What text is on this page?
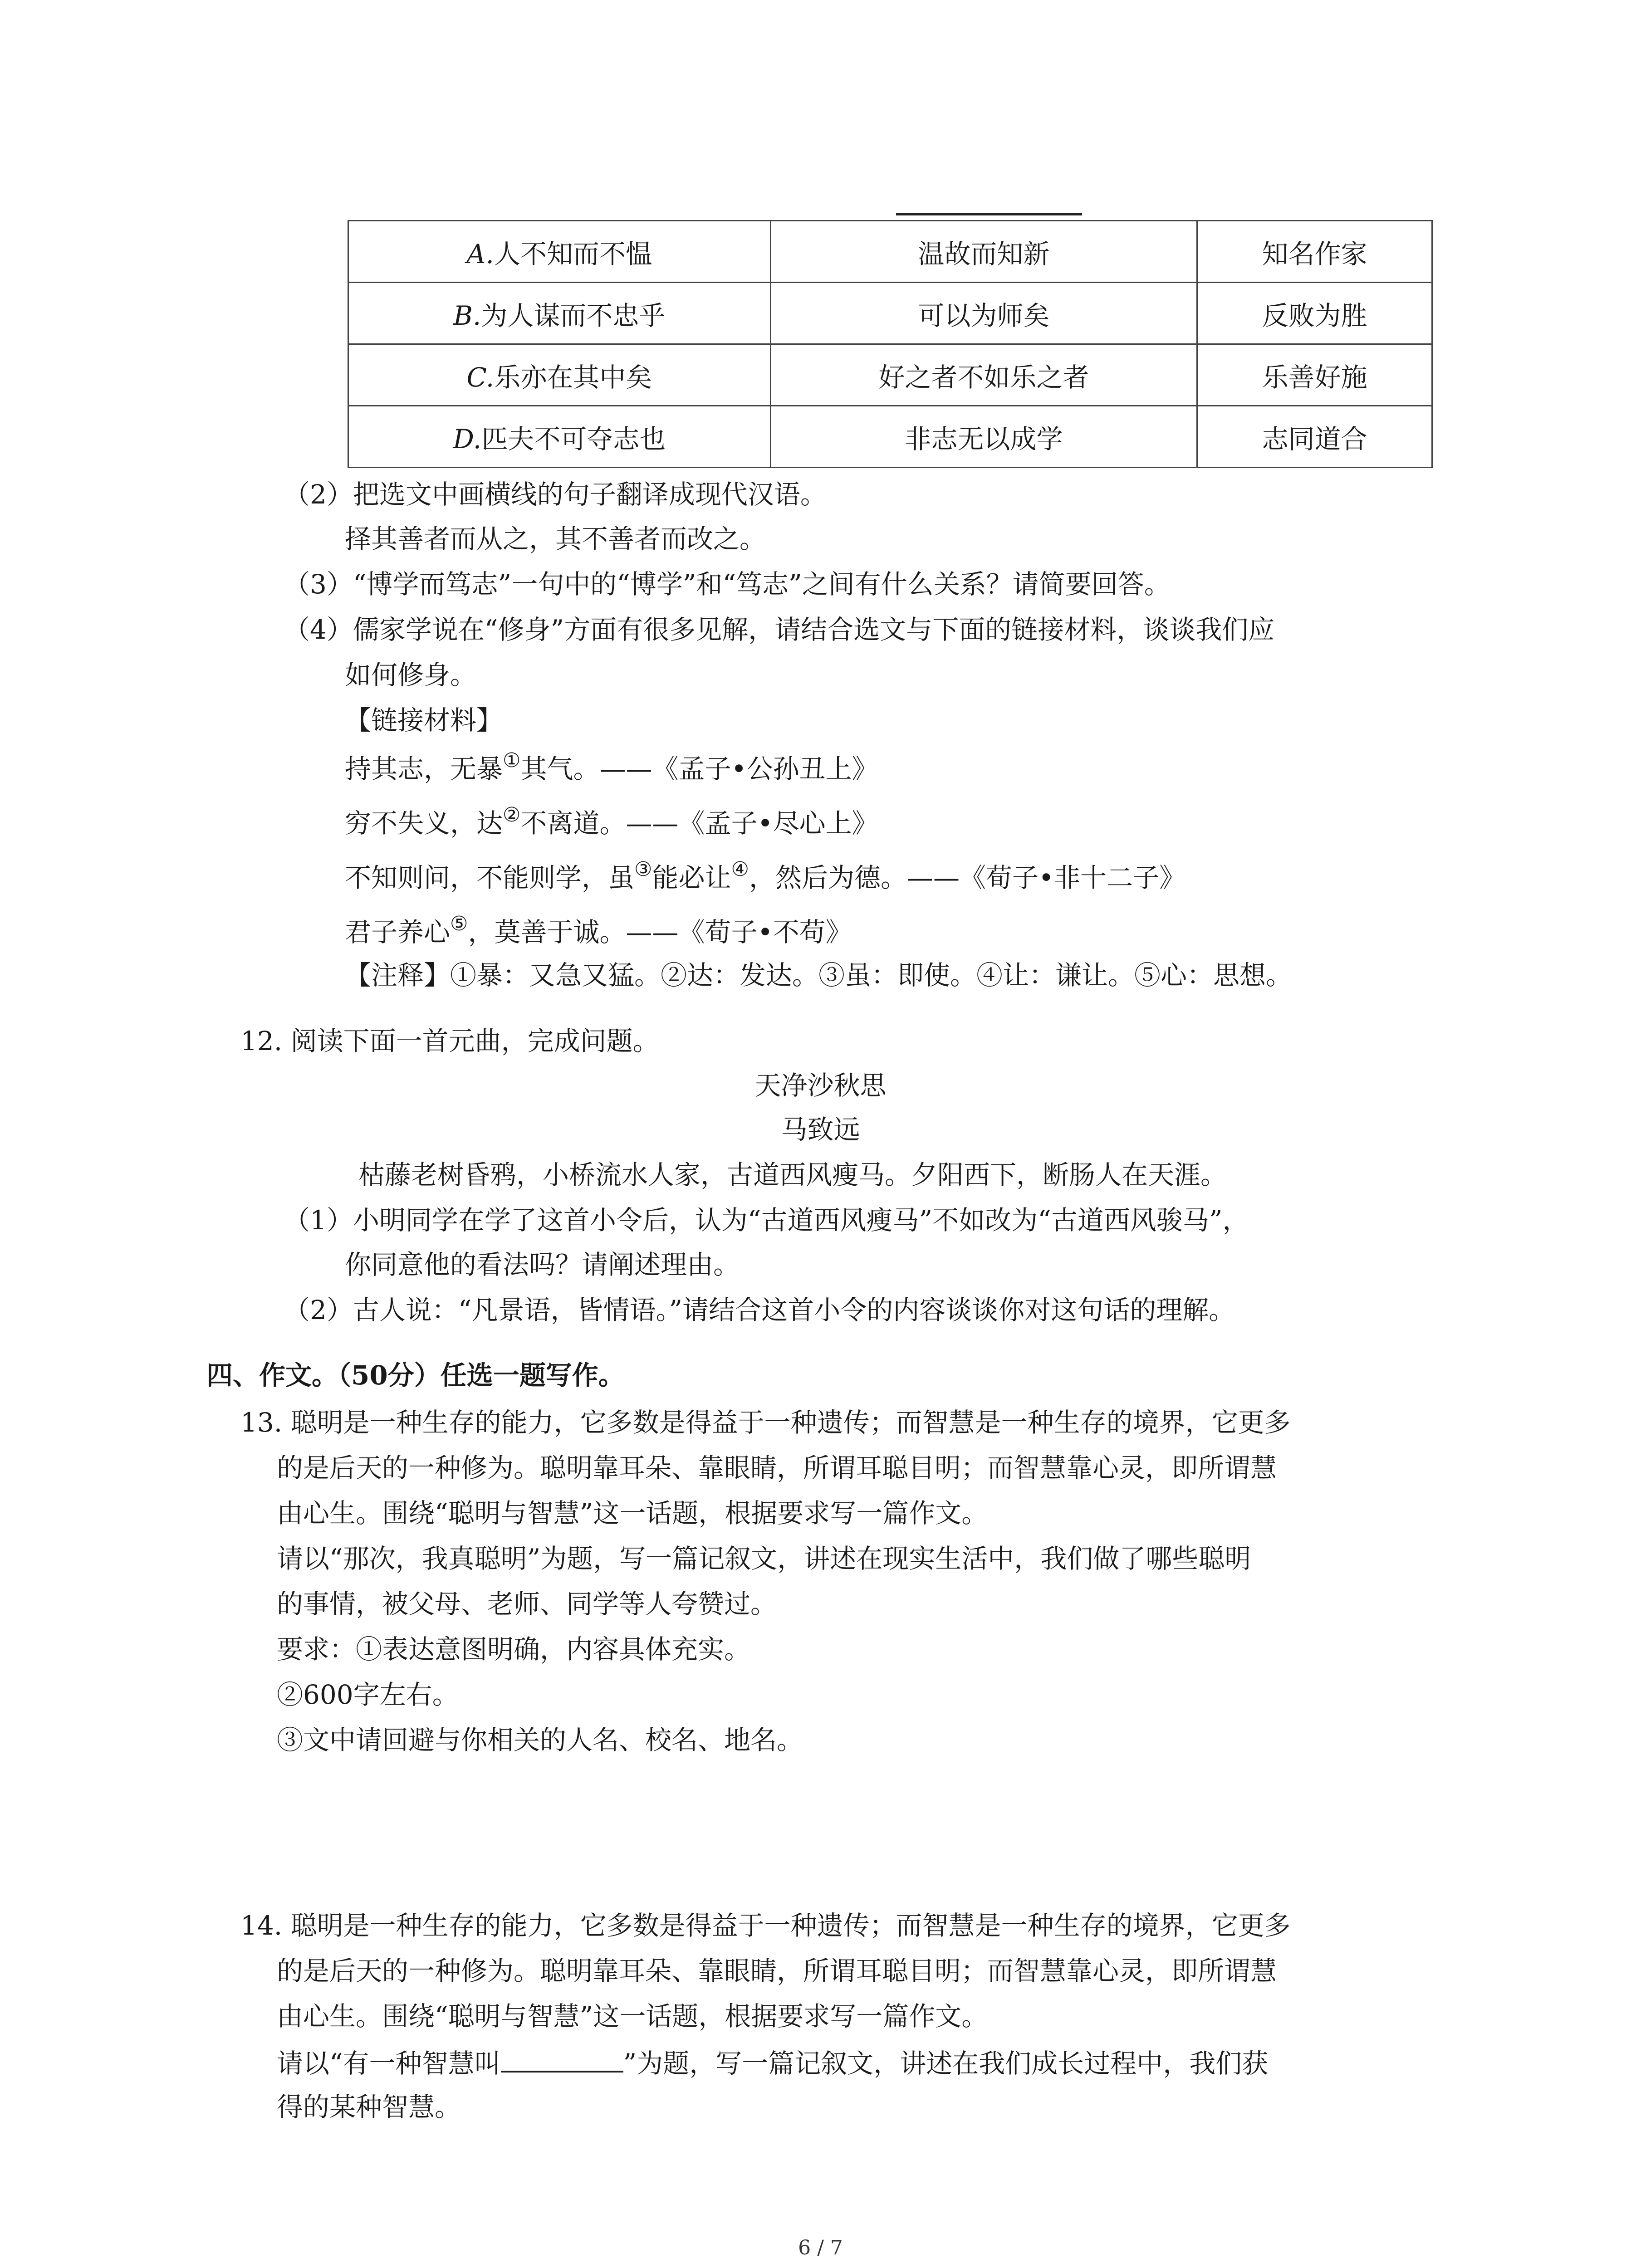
A.人不知而不愠	温故而知新	知名作家
B.为人谋而不忠乎	可以为师矣	反败为胜
C.乐亦在其中矣	好之者不如乐之者	乐善好施
D.匹夫不可夺志也	非志无以成学	志同道合
（2）把选文中画横线的句子翻译成现代汉语。
择其善者而从之，其不善者而改之。
（3）“博学而笃志”一句中的“博学”和“笃志”之间有什么关系？请简要回答。
（4）儒家学说在“修身”方面有很多见解，请结合选文与下面的链接材料，谈谈我们应
如何修身。
【链接材料】
持其志，无暴①其气。——《孟子•公孙丑上》
穷不失义，达②不离道。——《孟子•尽心上》
不知则问，不能则学，虽③能必让④，然后为德。——《荀子•非十二子》
君子养心⑤，莫善于诚。——《荀子•不苟》
【注释】①暴：又急又猛。②达：发达。③虽：即使。④让：谦让。⑤心：思想。
12. 阅读下面一首元曲，完成问题。
天净沙秋思
马致远
枯藤老树昏鸦，小桥流水人家，古道西风瘦马。夕阳西下，断肠人在天涯。
（1）小明同学在学了这首小令后，认为“古道西风瘦马”不如改为“古道西风骏马”，
你同意他的看法吗？请阐述理由。
（2）古人说：“凡景语，皆情语。”请结合这首小令的内容谈谈你对这句话的理解。
四、作文。（50分）任选一题写作。
13. 聪明是一种生存的能力，它多数是得益于一种遗传；而智慧是一种生存的境界，它更多
的是后天的一种修为。聪明靠耳朵、靠眼睛，所谓耳聪目明；而智慧靠心灵，即所谓慧
由心生。围绕“聪明与智慧”这一话题，根据要求写一篇作文。
请以“那次，我真聪明”为题，写一篇记叙文，讲述在现实生活中，我们做了哪些聪明
的事情，被父母、老师、同学等人夸赞过。
要求：①表达意图明确，内容具体充实。
②600字左右。
③文中请回避与你相关的人名、校名、地名。
14. 聪明是一种生存的能力，它多数是得益于一种遗传；而智慧是一种生存的境界，它更多
的是后天的一种修为。聪明靠耳朵、靠眼睛，所谓耳聪目明；而智慧靠心灵，即所谓慧
由心生。围绕“聪明与智慧”这一话题，根据要求写一篇作文。
请以“有一种智慧叫	”为题，写一篇记叙文，讲述在我们成长过程中，我们获
得的某种智慧。
6 / 7
